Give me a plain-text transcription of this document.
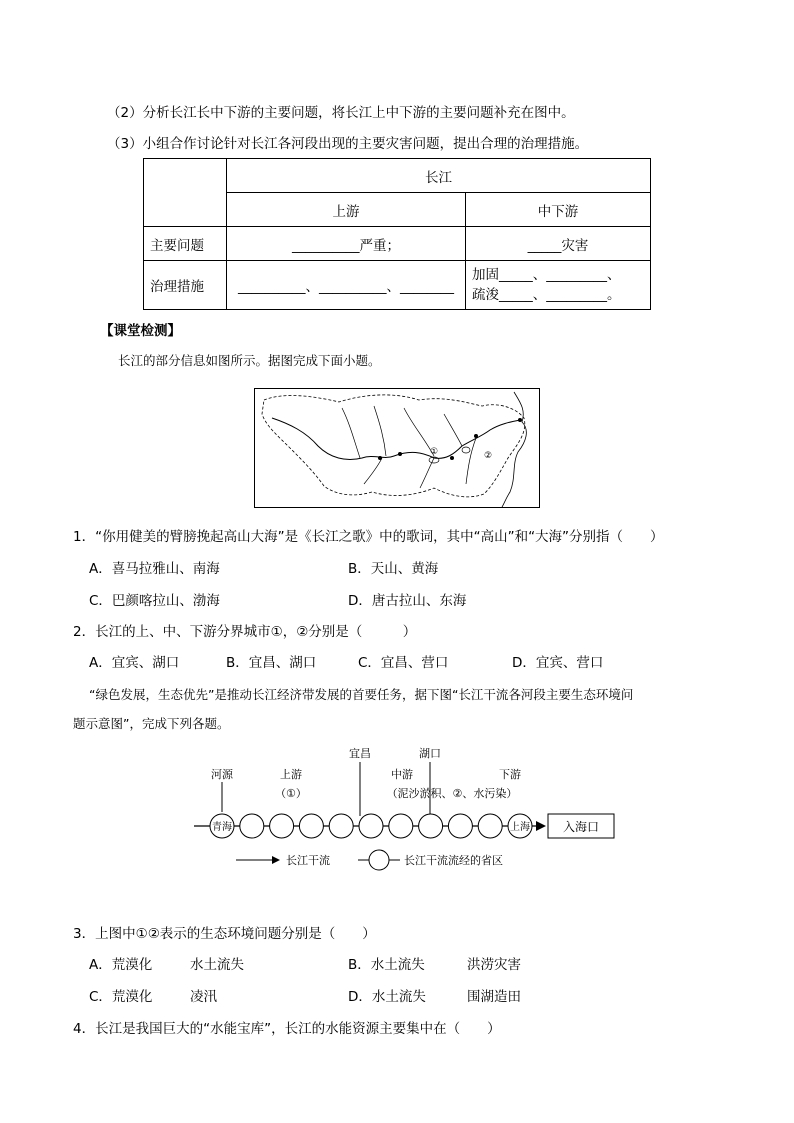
（2）分析长江长中下游的主要问题，将长江上中下游的主要问题补充在图中。
（3）小组合作讨论针对长江各河段出现的主要灾害问题，提出合理的治理措施。
	长江	
	上游	中下游
主要问题	__________严重；	_____灾害
治理措施	__________、__________、________	加固_____、_________、
疏浚_____、_________。
【课堂检测】
长江的部分信息如图所示。据图完成下面小题。
①	②
1．“你用健美的臂膀挽起高山大海”是《长江之歌》中的歌词，其中“高山”和“大海”分别指（　　）
A．喜马拉雅山、南海	B．天山、黄海
C．巴颜喀拉山、渤海	D．唐古拉山、东海
2．长江的上、中、下游分界城市①，②分别是（　　　）
A．宜宾、湖口	B．宜昌、湖口	C．宜昌、营口	D．宜宾、营口
“绿色发展，生态优先”是推动长江经济带发展的首要任务，据下图“长江干流各河段主要生态环境问
题示意图”，完成下列各题。
宜昌	湖口
河源	上游
（①）
中游
（泥沙淤积、②、水污染）
下游
青海	上海	入海口
长江干流	长江干流流经的省区
3．上图中①②表示的生态环境问题分别是（　　）
A．荒漠化	水土流失	B．水土流失	洪涝灾害
C．荒漠化	凌汛	D．水土流失	围湖造田
4．长江是我国巨大的“水能宝库”，长江的水能资源主要集中在（　　）
